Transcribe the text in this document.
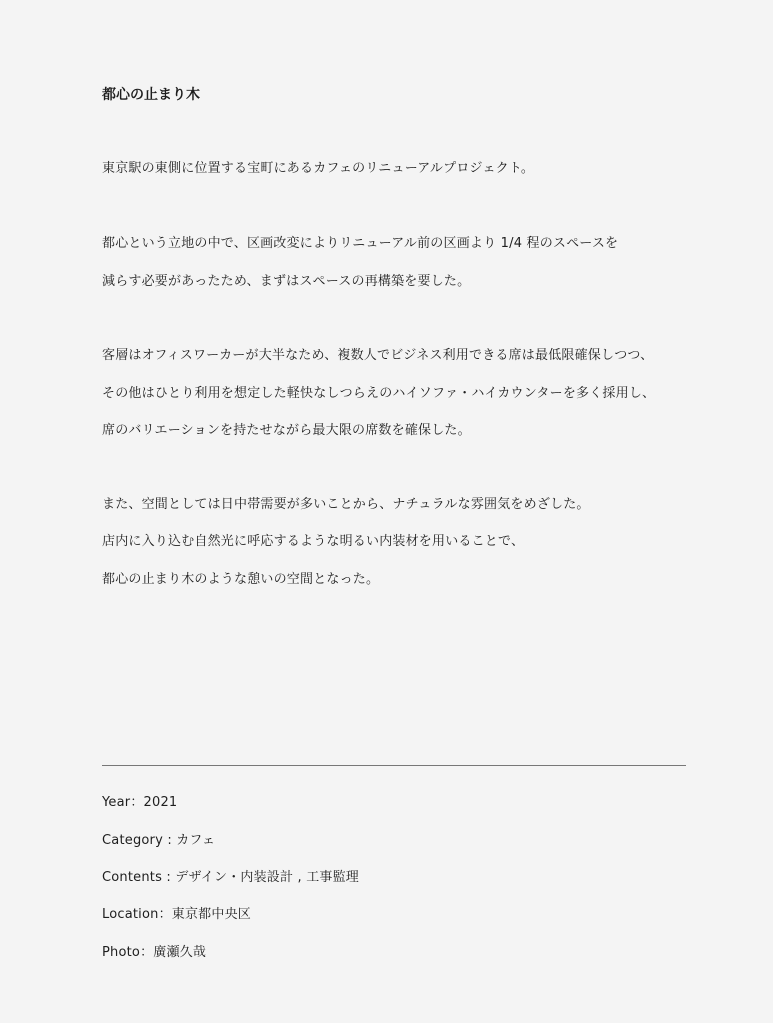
都心の止まり木
東京駅の東側に位置する宝町にあるカフェのリニューアルプロジェクト。
都心という立地の中で、区画改変によりリニューアル前の区画より 1/4 程のスペースを
減らす必要があったため、まずはスペースの再構築を要した。
客層はオフィスワーカーが大半なため、複数人でビジネス利用できる席は最低限確保しつつ、
その他はひとり利用を想定した軽快なしつらえのハイソファ・ハイカウンターを多く採用し、
席のバリエーションを持たせながら最大限の席数を確保した。
また、空間としては日中帯需要が多いことから、ナチュラルな雰囲気をめざした。
店内に入り込む自然光に呼応するような明るい内装材を用いることで、
都心の止まり木のような憩いの空間となった。
Year：2021
Category : カフェ
Contents : デザイン・内装設計 , 工事監理
Location：東京都中央区
Photo：廣瀬久哉
